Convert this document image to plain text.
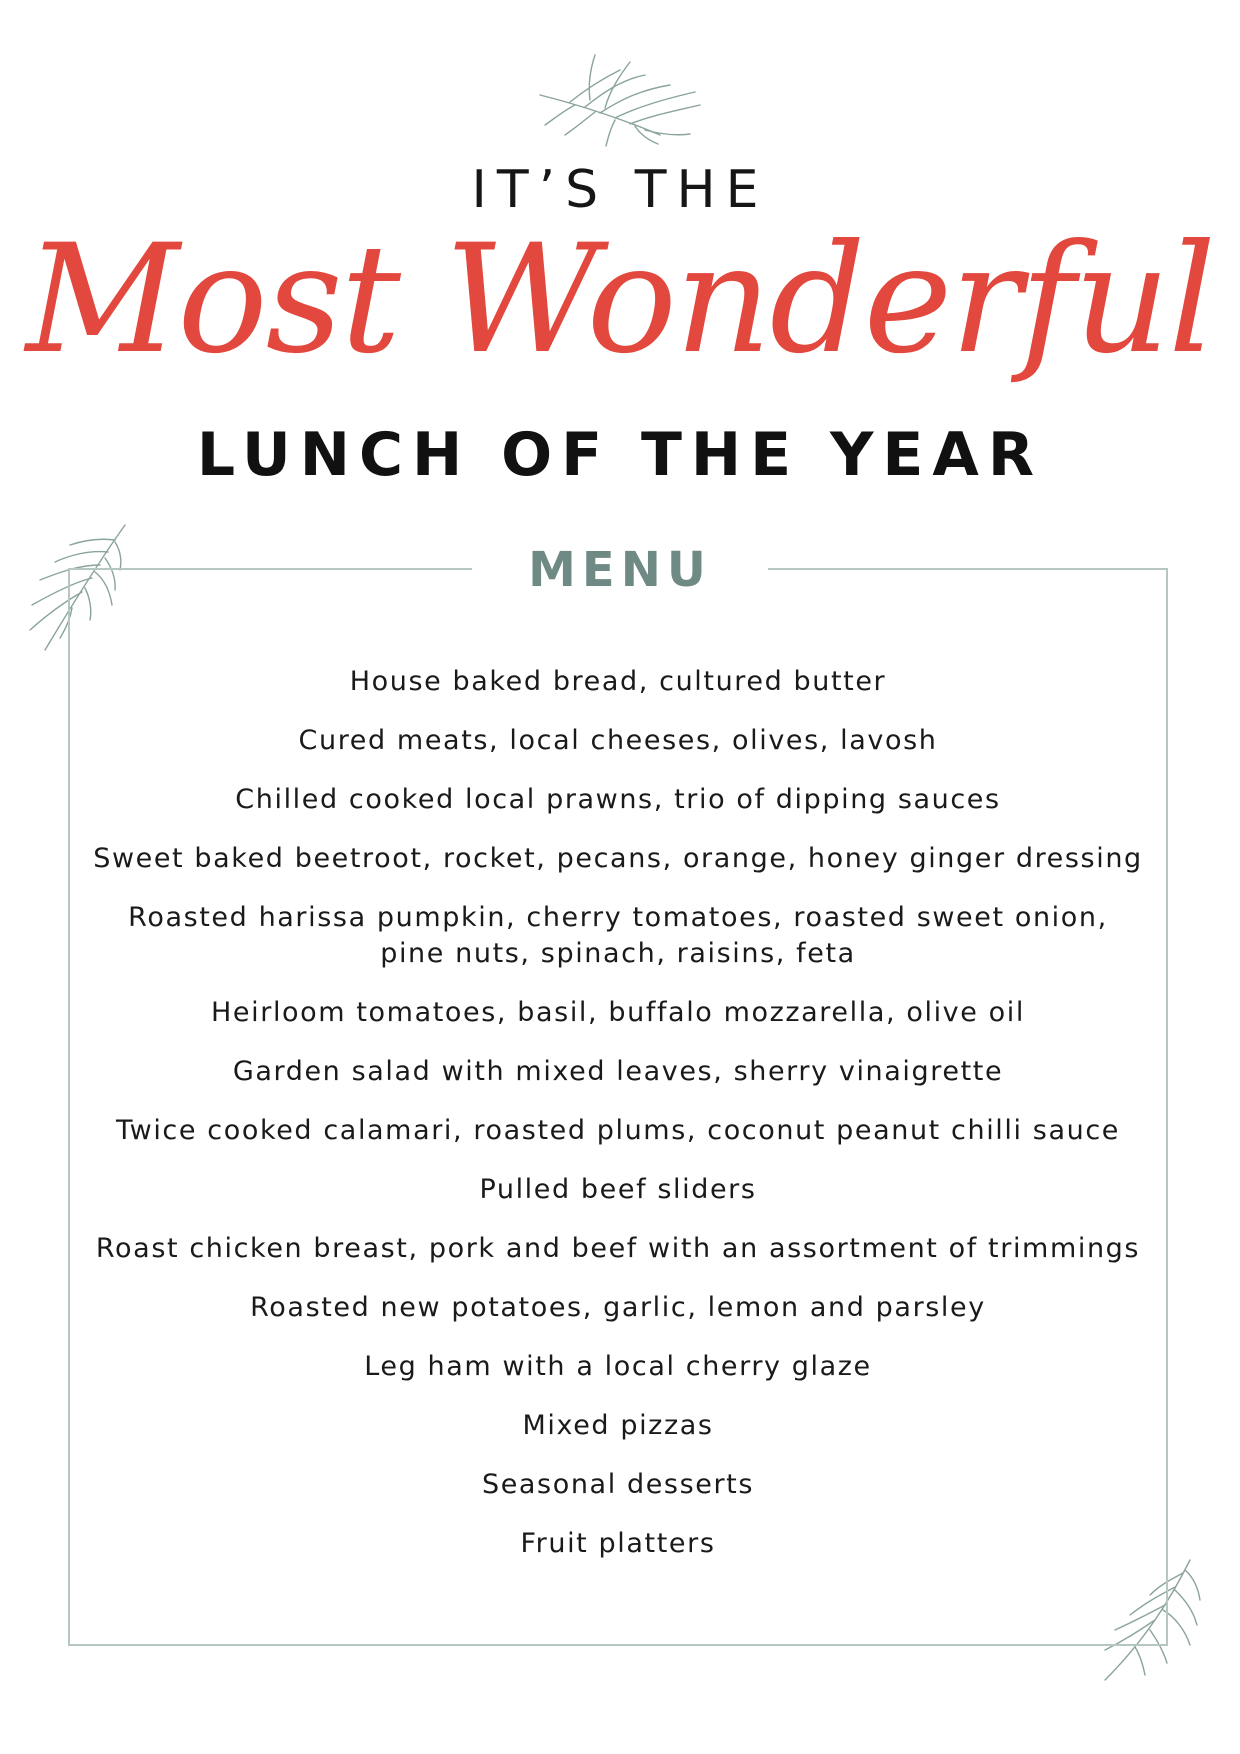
IT’S THE
Most Wonderful
LUNCH OF THE YEAR
MENU
House baked bread, cultured butter
Cured meats, local cheeses, olives, lavosh
Chilled cooked local prawns, trio of dipping sauces
Sweet baked beetroot, rocket, pecans, orange, honey ginger dressing
Roasted harissa pumpkin, cherry tomatoes, roasted sweet onion,
pine nuts, spinach, raisins, feta
Heirloom tomatoes, basil, buffalo mozzarella, olive oil
Garden salad with mixed leaves, sherry vinaigrette
Twice cooked calamari, roasted plums, coconut peanut chilli sauce
Pulled beef sliders
Roast chicken breast, pork and beef with an assortment of trimmings
Roasted new potatoes, garlic, lemon and parsley
Leg ham with a local cherry glaze
Mixed pizzas
Seasonal desserts
Fruit platters
